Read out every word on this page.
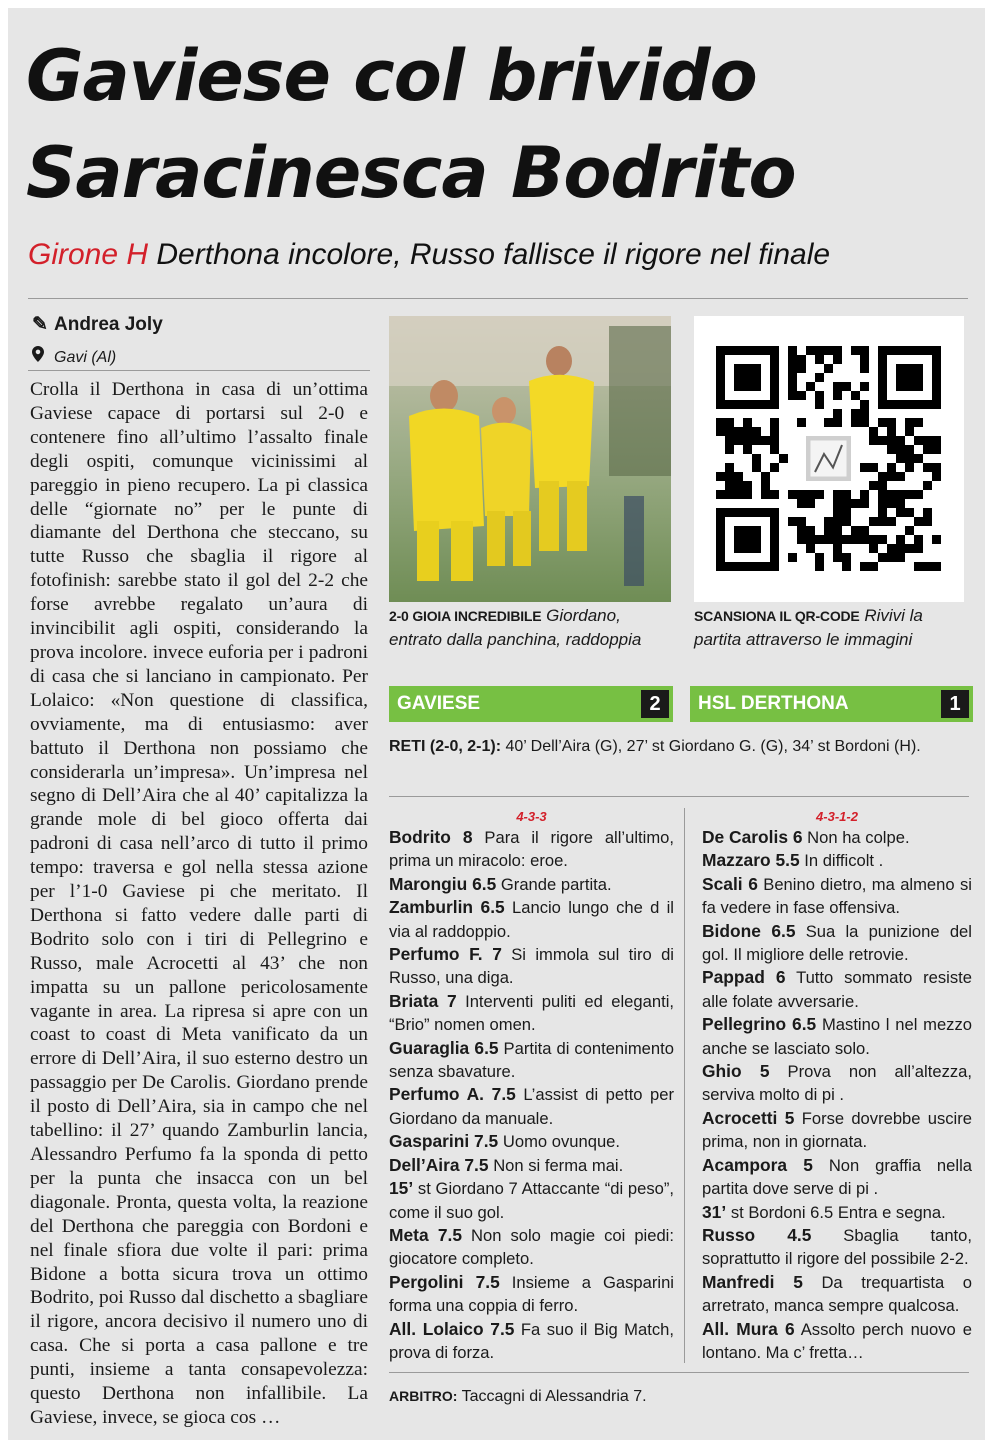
Gaviese col brivido
Saracinesca Bodrito
Girone H Derthona incolore, Russo fallisce il rigore nel finale
✎ Andrea Joly
Gavi (Al)
Crolla il Derthona in casa di un’ottima Gaviese capace di portarsi sul 2-0 e contenere fino all’ultimo l’assalto finale degli ospiti, comunque vicinissimi al pareggio in pieno recupero. La pi classica delle “giornate no” per le punte di diamante del Derthona che steccano, su tutte Russo che sbaglia il rigore al fotofinish: sarebbe stato il gol del 2-2 che forse avrebbe regalato un’aura di invincibilit agli ospiti, considerando la prova incolore. invece euforia per i padroni di casa che si lanciano in campionato. Per Lolaico: «Non questione di classifica, ovviamente, ma di entusiasmo: aver battuto il Derthona non possiamo che considerarla un’impresa». Un’impresa nel segno di Dell’Aira che al 40’ capitalizza la grande mole di bel gioco offerta dai padroni di casa nell’arco di tutto il primo tempo: traversa e gol nella stessa azione per l’1-0 Gaviese pi che meritato. Il Derthona si fatto vedere dalle parti di Bodrito solo con i tiri di Pellegrino e Russo, male Acrocetti al 43’ che non impatta su un pallone pericolosamente vagante in area. La ripresa si apre con un coast to coast di Meta vanificato da un errore di Dell’Aira, il suo esterno destro un passaggio per De Carolis. Giordano prende il posto di Dell’Aira, sia in campo che nel tabellino: il 27’ quando Zamburlin lancia, Alessandro Perfumo fa la sponda di petto per la punta che insacca con un bel diagonale. Pronta, questa volta, la reazione del Derthona che pareggia con Bordoni e nel finale sfiora due volte il pari: prima Bidone a botta sicura trova un ottimo Bodrito, poi Russo dal dischetto a sbagliare il rigore, ancora decisivo il numero uno di casa. Che si porta a casa pallone e tre punti, insieme a tanta consapevolezza: questo Derthona non infallibile. La Gaviese, invece, se gioca cos …
2-0 GIOIA INCREDIBILE Giordano, entrato dalla panchina, raddoppia
SCANSIONA IL QR-CODE Rivivi la partita attraverso le immagini
GAVIESE	2	HSL DERTHONA	1
RETI (2-0, 2-1): 40’ Dell’Aira (G), 27’ st Giordano G. (G), 34’ st Bordoni (H).
4-3-3

Bodrito 8 Para il rigore all’ultimo, prima un miracolo: eroe.

Marongiu 6.5 Grande partita.

Zamburlin 6.5 Lancio lungo che d il via al raddoppio.

Perfumo F. 7 Si immola sul tiro di Russo, una diga.

Briata 7 Interventi puliti ed eleganti, “Brio” nomen omen.

Guaraglia 6.5 Partita di contenimento senza sbavature.

Perfumo A. 7.5 L’assist di petto per Giordano da manuale.

Gasparini 7.5 Uomo ovunque.

Dell’Aira 7.5 Non si ferma mai.

15’ st Giordano 7 Attaccante “di peso”, come il suo gol.

Meta 7.5 Non solo magie coi piedi: giocatore completo.

Pergolini 7.5 Insieme a Gasparini forma una coppia di ferro.

All. Lolaico 7.5 Fa suo il Big Match, prova di forza.

4-3-1-2

De Carolis 6 Non ha colpe.

Mazzaro 5.5 In difficolt .

Scali 6 Benino dietro, ma almeno si fa vedere in fase offensiva.

Bidone 6.5 Sua la punizione del gol. Il migliore delle retrovie.

Pappad 6 Tutto sommato resiste alle folate avversarie.

Pellegrino 6.5 Mastino l nel mezzo anche se lasciato solo.

Ghio 5 Prova non all’altezza, serviva molto di pi .

Acrocetti 5 Forse dovrebbe uscire prima, non in giornata.

Acampora 5 Non graffia nella partita dove serve di pi .

31’ st Bordoni 6.5 Entra e segna.

Russo 4.5 Sbaglia tanto, soprattutto il rigore del possibile 2-2.

Manfredi 5 Da trequartista o arretrato, manca sempre qualcosa.

All. Mura 6 Assolto perch nuovo e lontano. Ma c’ fretta…

ARBITRO: Taccagni di Alessandria 7.
